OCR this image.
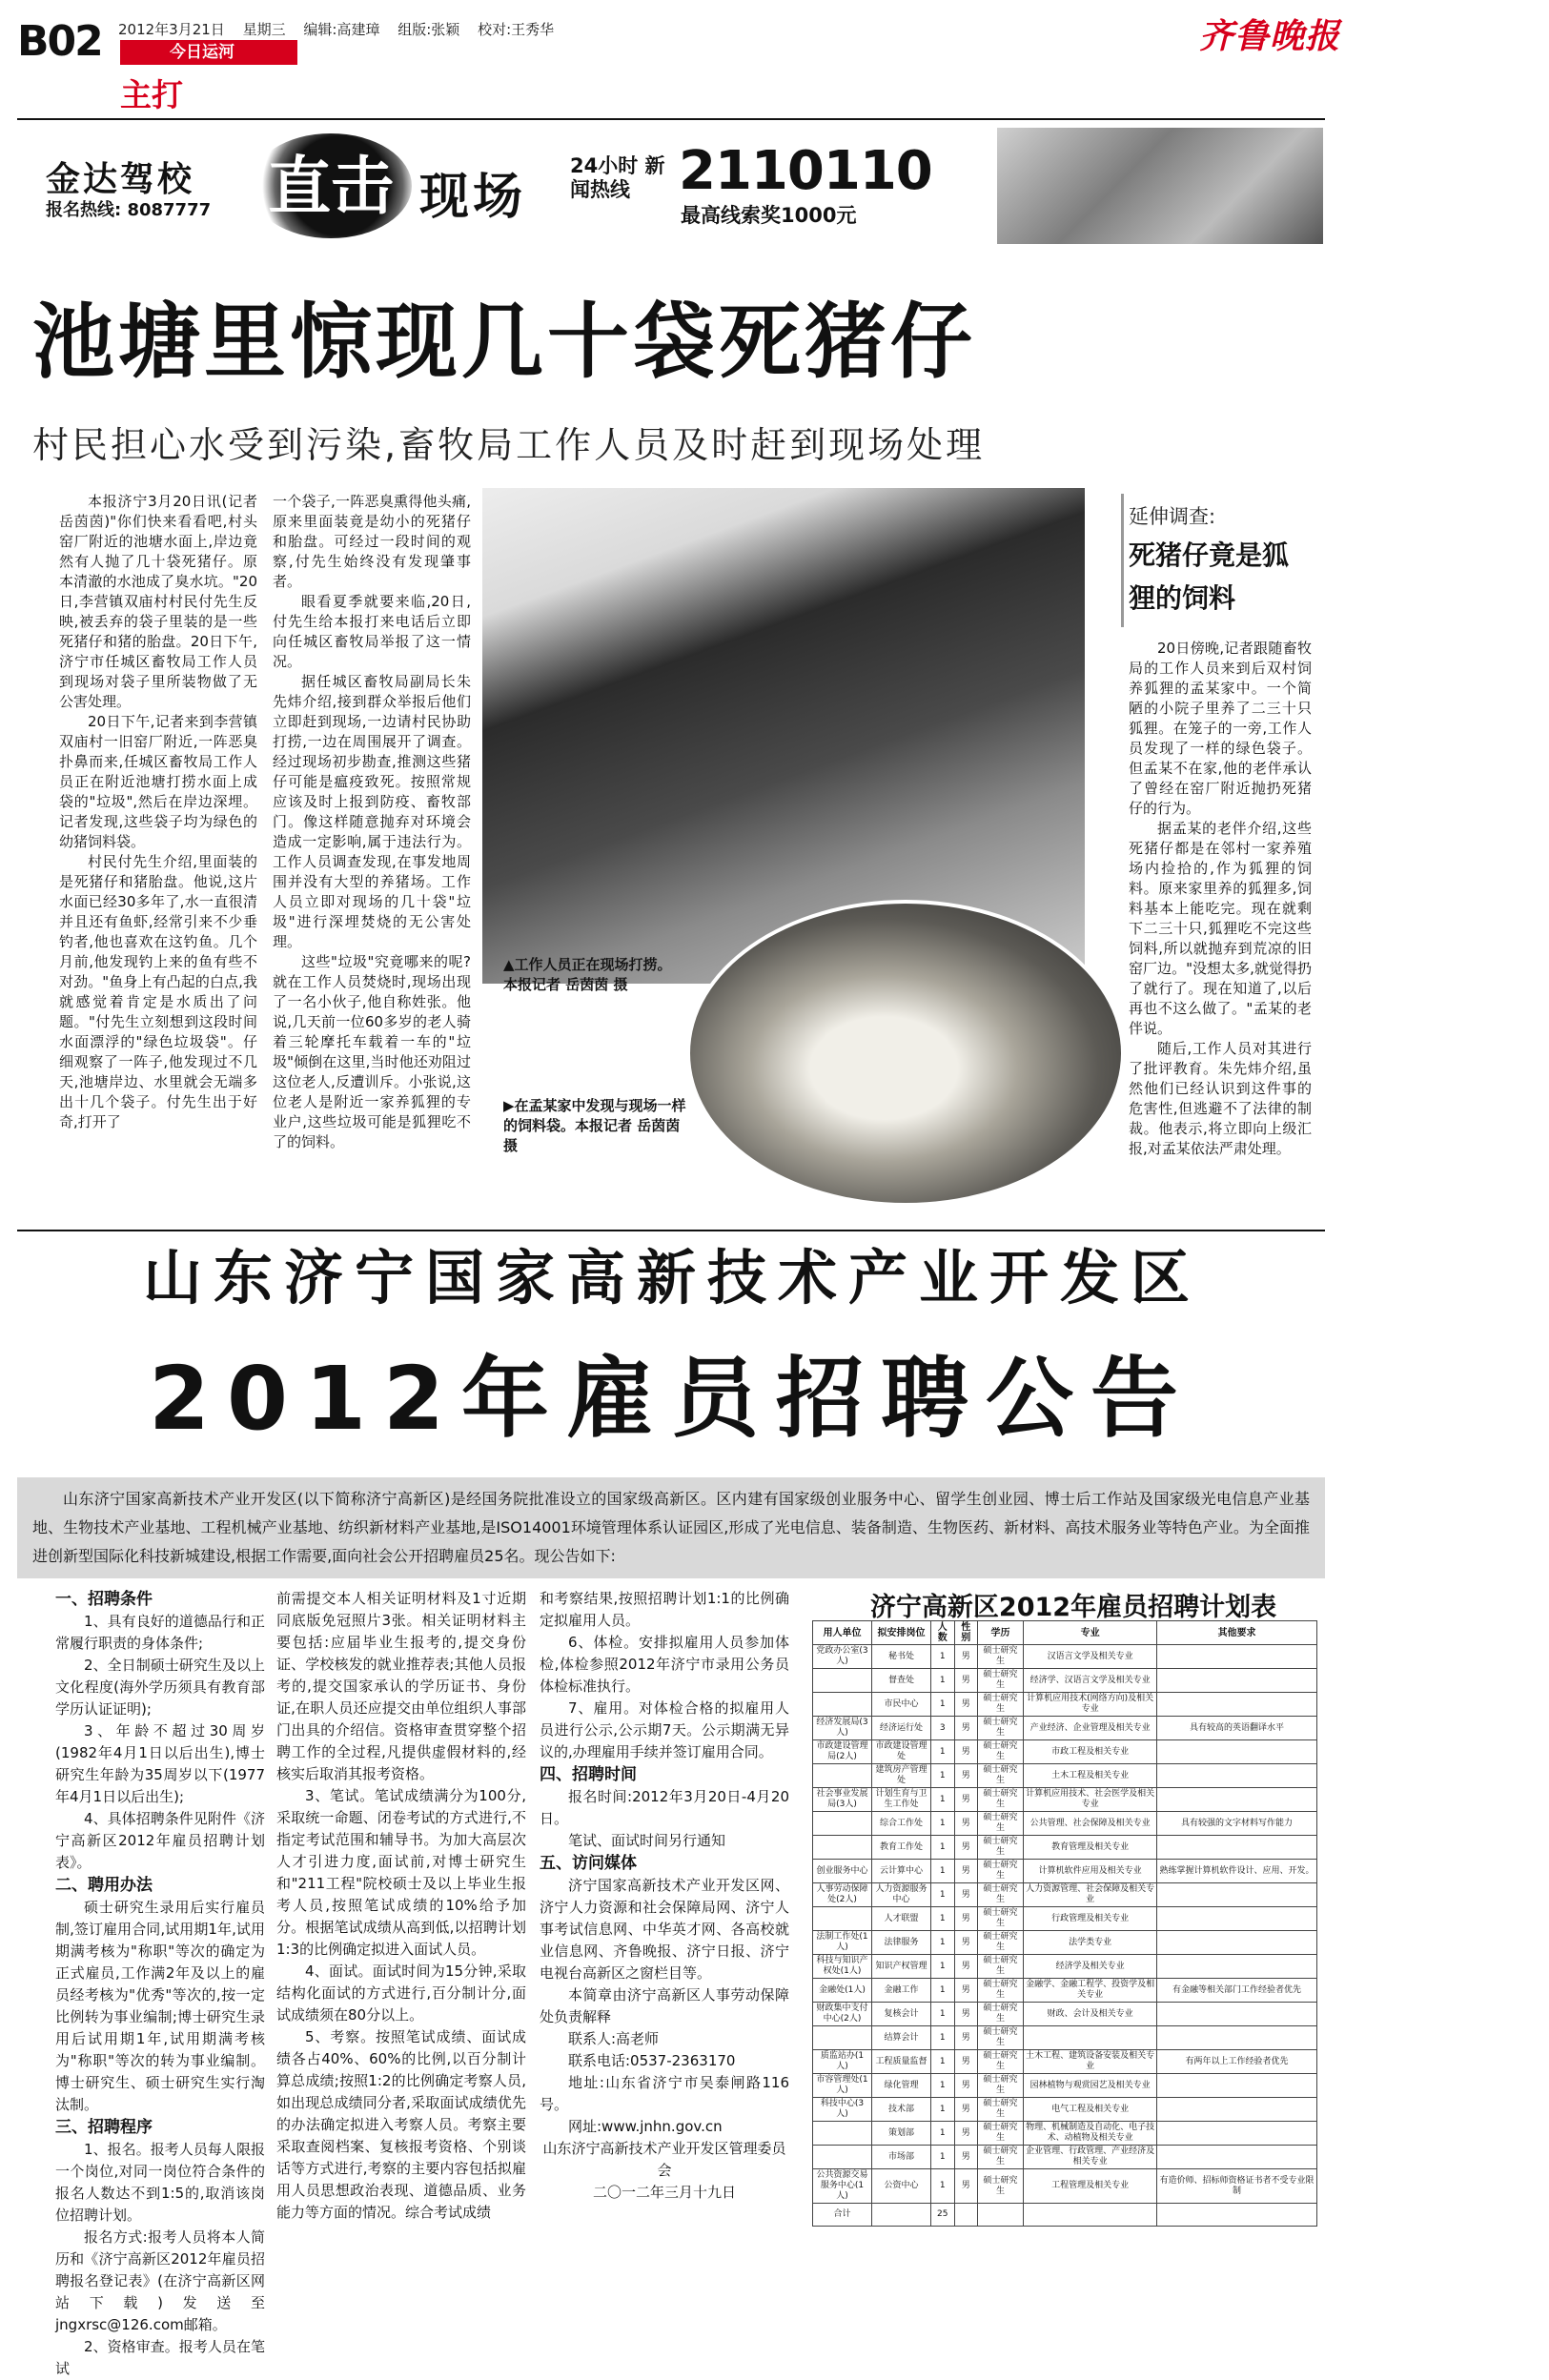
B02 2012年3月21日 星期三 编辑:高建璋 组版:张颖 校对:王秀华
今日运河
主打
齐鲁晚报
金达驾校
报名热线: 8087777 直击 现场
24小时 新闻热线 2110110
最高线索奖1000元
池塘里惊现几十袋死猪仔
村民担心水受到污染,畜牧局工作人员及时赶到现场处理

本报济宁3月20日讯(记者 岳茵茵)"你们快来看看吧,村头窑厂附近的池塘水面上,岸边竟然有人抛了几十袋死猪仔。原本清澈的水池成了臭水坑。"20日,李营镇双庙村村民付先生反映,被丢弃的袋子里装的是一些死猪仔和猪的胎盘。20日下午,济宁市任城区畜牧局工作人员到现场对袋子里所装物做了无公害处理。

20日下午,记者来到李营镇双庙村一旧窑厂附近,一阵恶臭扑鼻而来,任城区畜牧局工作人员正在附近池塘打捞水面上成袋的"垃圾",然后在岸边深埋。记者发现,这些袋子均为绿色的幼猪饲料袋。

村民付先生介绍,里面装的是死猪仔和猪胎盘。他说,这片水面已经30多年了,水一直很清并且还有鱼虾,经常引来不少垂钓者,他也喜欢在这钓鱼。几个月前,他发现钓上来的鱼有些不对劲。"鱼身上有凸起的白点,我就感觉着肯定是水质出了问题。"付先生立刻想到这段时间水面漂浮的"绿色垃圾袋"。仔细观察了一阵子,他发现过不几天,池塘岸边、水里就会无端多出十几个袋子。付先生出于好奇,打开了

一个袋子,一阵恶臭熏得他头痛,原来里面装竟是幼小的死猪仔和胎盘。可经过一段时间的观察,付先生始终没有发现肇事者。

眼看夏季就要来临,20日,付先生给本报打来电话后立即向任城区畜牧局举报了这一情况。

据任城区畜牧局副局长朱先炜介绍,接到群众举报后他们立即赶到现场,一边请村民协助打捞,一边在周围展开了调查。经过现场初步勘查,推测这些猪仔可能是瘟疫致死。按照常规应该及时上报到防疫、畜牧部门。像这样随意抛弃对环境会造成一定影响,属于违法行为。工作人员调查发现,在事发地周围并没有大型的养猪场。工作人员立即对现场的几十袋"垃圾"进行深埋焚烧的无公害处理。

这些"垃圾"究竟哪来的呢?就在工作人员焚烧时,现场出现了一名小伙子,他自称姓张。他说,几天前一位60多岁的老人骑着三轮摩托车载着一车的"垃圾"倾倒在这里,当时他还劝阻过这位老人,反遭训斥。小张说,这位老人是附近一家养狐狸的专业户,这些垃圾可能是狐狸吃不了的饲料。

▲工作人员正在现场打捞。本报记者 岳茵茵 摄
▶在孟某家中发现与现场一样的饲料袋。本报记者 岳茵茵 摄
延伸调查:
死猪仔竟是狐狸的饲料

20日傍晚,记者跟随畜牧局的工作人员来到后双村饲养狐狸的孟某家中。一个简陋的小院子里养了二三十只狐狸。在笼子的一旁,工作人员发现了一样的绿色袋子。但孟某不在家,他的老伴承认了曾经在窑厂附近抛扔死猪仔的行为。

据孟某的老伴介绍,这些死猪仔都是在邻村一家养殖场内捡拾的,作为狐狸的饲料。原来家里养的狐狸多,饲料基本上能吃完。现在就剩下二三十只,狐狸吃不完这些饲料,所以就抛弃到荒凉的旧窑厂边。"没想太多,就觉得扔了就行了。现在知道了,以后再也不这么做了。"孟某的老伴说。

随后,工作人员对其进行了批评教育。朱先炜介绍,虽然他们已经认识到这件事的危害性,但逃避不了法律的制裁。他表示,将立即向上级汇报,对孟某依法严肃处理。

山东济宁国家高新技术产业开发区
2012年雇员招聘公告
山东济宁国家高新技术产业开发区(以下简称济宁高新区)是经国务院批准设立的国家级高新区。区内建有国家级创业服务中心、留学生创业园、博士后工作站及国家级光电信息产业基地、生物技术产业基地、工程机械产业基地、纺织新材料产业基地,是ISO14001环境管理体系认证园区,形成了光电信息、装备制造、生物医药、新材料、高技术服务业等特色产业。为全面推进创新型国际化科技新城建设,根据工作需要,面向社会公开招聘雇员25名。现公告如下:
一、招聘条件

1、具有良好的道德品行和正常履行职责的身体条件;

2、全日制硕士研究生及以上文化程度(海外学历须具有教育部学历认证证明);

3、年龄不超过30周岁(1982年4月1日以后出生),博士研究生年龄为35周岁以下(1977年4月1日以后出生);

4、具体招聘条件见附件《济宁高新区2012年雇员招聘计划表》。

二、聘用办法

硕士研究生录用后实行雇员制,签订雇用合同,试用期1年,试用期满考核为"称职"等次的确定为正式雇员,工作满2年及以上的雇员经考核为"优秀"等次的,按一定比例转为事业编制;博士研究生录用后试用期1年,试用期满考核为"称职"等次的转为事业编制。博士研究生、硕士研究生实行淘汰制。

三、招聘程序

1、报名。报考人员每人限报一个岗位,对同一岗位符合条件的报名人数达不到1:5的,取消该岗位招聘计划。

报名方式:报考人员将本人简历和《济宁高新区2012年雇员招聘报名登记表》(在济宁高新区网站下载)发送至 jngxrsc@126.com邮箱。

2、资格审查。报考人员在笔试

前需提交本人相关证明材料及1寸近期同底版免冠照片3张。相关证明材料主要包括:应届毕业生报考的,提交身份证、学校核发的就业推荐表;其他人员报考的,提交国家承认的学历证书、身份证,在职人员还应提交由单位组织人事部门出具的介绍信。资格审查贯穿整个招聘工作的全过程,凡提供虚假材料的,经核实后取消其报考资格。

3、笔试。笔试成绩满分为100分,采取统一命题、闭卷考试的方式进行,不指定考试范围和辅导书。为加大高层次人才引进力度,面试前,对博士研究生和"211工程"院校硕士及以上毕业生报考人员,按照笔试成绩的10%给予加分。根据笔试成绩从高到低,以招聘计划1:3的比例确定拟进入面试人员。

4、面试。面试时间为15分钟,采取结构化面试的方式进行,百分制计分,面试成绩须在80分以上。

5、考察。按照笔试成绩、面试成绩各占40%、60%的比例,以百分制计算总成绩;按照1:2的比例确定考察人员,如出现总成绩同分者,采取面试成绩优先的办法确定拟进入考察人员。考察主要采取查阅档案、复核报考资格、个别谈话等方式进行,考察的主要内容包括拟雇用人员思想政治表现、道德品质、业务能力等方面的情况。综合考试成绩

和考察结果,按照招聘计划1:1的比例确定拟雇用人员。

6、体检。安排拟雇用人员参加体检,体检参照2012年济宁市录用公务员体检标准执行。

7、雇用。对体检合格的拟雇用人员进行公示,公示期7天。公示期满无异议的,办理雇用手续并签订雇用合同。

四、招聘时间

报名时间:2012年3月20日-4月20日。

笔试、面试时间另行通知

五、访问媒体

济宁国家高新技术产业开发区网、济宁人力资源和社会保障局网、济宁人事考试信息网、中华英才网、各高校就业信息网、齐鲁晚报、济宁日报、济宁电视台高新区之窗栏目等。

本简章由济宁高新区人事劳动保障处负责解释

联系人:高老师

联系电话:0537-2363170

地址:山东省济宁市吴泰闸路116号。

网址:www.jnhn.gov.cn

山东济宁高新技术产业开发区管理委员会
二〇一二年三月十九日
济宁高新区2012年雇员招聘计划表
用人单位	拟安排岗位	人数	性别	学历	专业	其他要求
党政办公室(3人)	秘书处	1	男	硕士研究生	汉语言文学及相关专业	
	督查处	1	男	硕士研究生	经济学、汉语言文学及相关专业	
	市民中心	1	男	硕士研究生	计算机应用技术(网络方向)及相关专业	
经济发展局(3人)	经济运行处	3	男	硕士研究生	产业经济、企业管理及相关专业	具有较高的英语翻译水平
市政建设管理局(2人)	市政建设管理处	1	男	硕士研究生	市政工程及相关专业	
	建筑房产管理处	1	男	硕士研究生	土木工程及相关专业	
社会事业发展局(3人)	计划生育与卫生工作处	1	男	硕士研究生	计算机应用技术、社会医学及相关专业	
	综合工作处	1	男	硕士研究生	公共管理、社会保障及相关专业	具有较强的文字材料写作能力
	教育工作处	1	男	硕士研究生	教育管理及相关专业	
创业服务中心	云计算中心	1	男	硕士研究生	计算机软件应用及相关专业	熟练掌握计算机软件设计、应用、开发。
人事劳动保障处(2人)	人力资源服务中心	1	男	硕士研究生	人力资源管理、社会保障及相关专业	
	人才联盟	1	男	硕士研究生	行政管理及相关专业	
法制工作处(1人)	法律服务	1	男	硕士研究生	法学类专业	
科技与知识产权处(1人)	知识产权管理	1	男	硕士研究生	经济学及相关专业	
金融处(1人)	金融工作	1	男	硕士研究生	金融学、金融工程学、投资学及相关专业	有金融等相关部门工作经验者优先
财政集中支付中心(2人)	复核会计	1	男	硕士研究生	财政、会计及相关专业	
	结算会计	1	男	硕士研究生		
质监站办(1人)	工程质量监督	1	男	硕士研究生	土木工程、建筑设备安装及相关专业	有两年以上工作经验者优先
市容管理处(1人)	绿化管理	1	男	硕士研究生	园林植物与观赏园艺及相关专业	
科技中心(3人)	技术部	1	男	硕士研究生	电气工程及相关专业	
	策划部	1	男	硕士研究生	物理、机械制造及自动化、电子技术、动植物及相关专业	
	市场部	1	男	硕士研究生	企业管理、行政管理、产业经济及相关专业	
公共资源交易服务中心(1人)	公资中心	1	男	硕士研究生	工程管理及相关专业	有造价师、招标师资格证书者不受专业限制
合计		25				
